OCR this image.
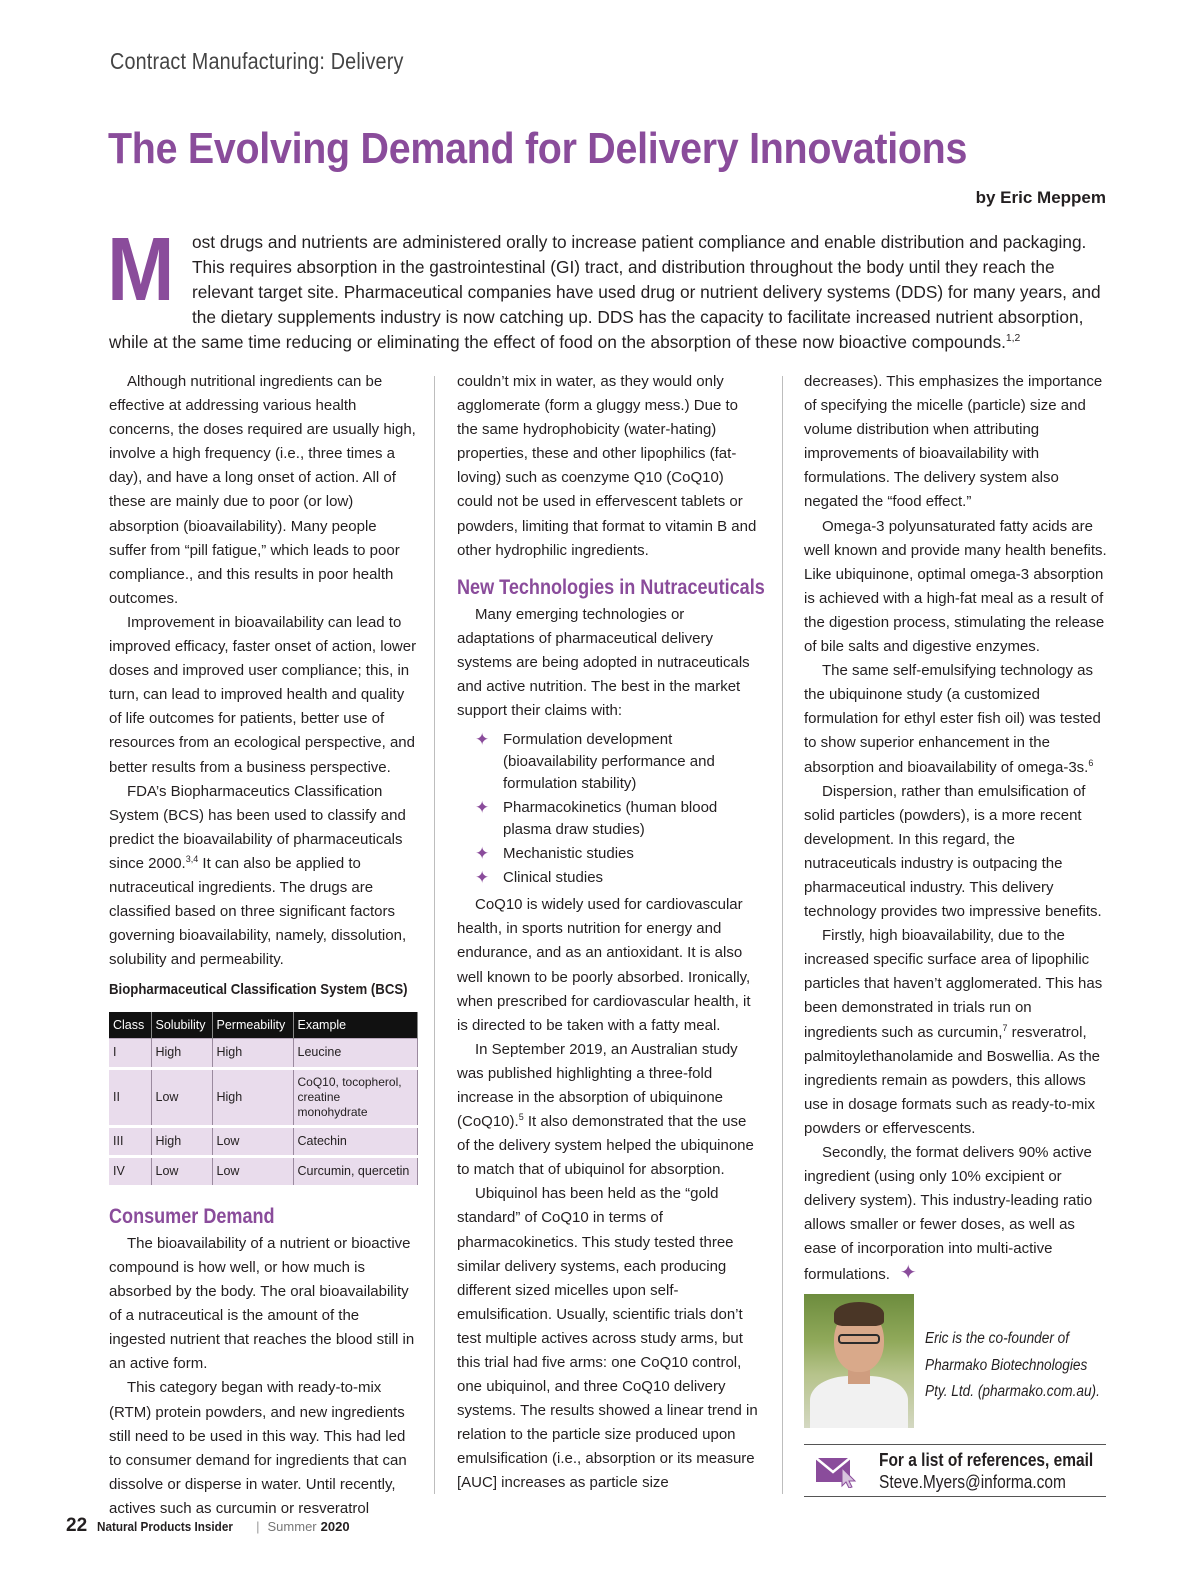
Contract Manufacturing: Delivery
The Evolving Demand for Delivery Innovations
by Eric Meppem
M ost drugs and nutrients are administered orally to increase patient compliance and enable distribution and packaging. This requires absorption in the gastrointestinal (GI) tract, and distribution throughout the body until they reach the relevant target site. Pharmaceutical companies have used drug or nutrient delivery systems (DDS) for many years, and the dietary supplements industry is now catching up. DDS has the capacity to facilitate increased nutrient absorption, while at the same time reducing or eliminating the effect of food on the absorption of these now bioactive compounds.$^{1,2}$

Although nutritional ingredients can be effective at addressing various health concerns, the doses required are usually high, involve a high frequency (i.e., three times a day), and have a long onset of action. All of these are mainly due to poor (or low) absorption (bioavailability). Many people suffer from “pill fatigue,” which leads to poor compliance., and this results in poor health outcomes.

Improvement in bioavailability can lead to improved efficacy, faster onset of action, lower doses and improved user compliance; this, in turn, can lead to improved health and quality of life outcomes for patients, better use of resources from an ecological perspective, and better results from a business perspective.

FDA’s Biopharmaceutics Classification System (BCS) has been used to classify and predict the bioavailability of pharmaceuticals since 2000.$^{3,4}$ It can also be applied to nutraceutical ingredients. The drugs are classified based on three significant factors governing bioavailability, namely, dissolution, solubility and permeability.

Biopharmaceutical Classification System (BCS)
Class	Solubility	Permeability	Example
I	High	High	Leucine
II	Low	High	CoQ10, tocopherol, creatine monohydrate
III	High	Low	Catechin
IV	Low	Low	Curcumin, quercetin
Consumer Demand

The bioavailability of a nutrient or bioactive compound is how well, or how much is absorbed by the body. The oral bioavailability of a nutraceutical is the amount of the ingested nutrient that reaches the blood still in an active form.

This category began with ready-to-mix (RTM) protein powders, and new ingredients still need to be used in this way. This had led to consumer demand for ingredients that can dissolve or disperse in water. Until recently, actives such as curcumin or resveratrol

couldn’t mix in water, as they would only agglomerate (form a gluggy mess.) Due to the same hydrophobicity (water-hating) properties, these and other lipophilics (fat-loving) such as coenzyme Q10 (CoQ10) could not be used in effervescent tablets or powders, limiting that format to vitamin B and other hydrophilic ingredients.

New Technologies in Nutraceuticals

Many emerging technologies or adaptations of pharmaceutical delivery systems are being adopted in nutraceuticals and active nutrition. The best in the market support their claims with:

✦ Formulation development (bioavailability performance and formulation stability)
✦ Pharmacokinetics (human blood plasma draw studies)
✦ Mechanistic studies
✦ Clinical studies

CoQ10 is widely used for cardiovascular health, in sports nutrition for energy and endurance, and as an antioxidant. It is also well known to be poorly absorbed. Ironically, when prescribed for cardiovascular health, it is directed to be taken with a fatty meal.

In September 2019, an Australian study was published highlighting a three-fold increase in the absorption of ubiquinone (CoQ10).$^5$ It also demonstrated that the use of the delivery system helped the ubiquinone to match that of ubiquinol for absorption.

Ubiquinol has been held as the “gold standard” of CoQ10 in terms of pharmacokinetics. This study tested three similar delivery systems, each producing different sized micelles upon self-emulsification. Usually, scientific trials don’t test multiple actives across study arms, but this trial had five arms: one CoQ10 control, one ubiquinol, and three CoQ10 delivery systems. The results showed a linear trend in relation to the particle size produced upon emulsification (i.e., absorption or its measure [AUC] increases as particle size

decreases). This emphasizes the importance of specifying the micelle (particle) size and volume distribution when attributing improvements of bioavailability with formulations. The delivery system also negated the “food effect.”

Omega-3 polyunsaturated fatty acids are well known and provide many health benefits. Like ubiquinone, optimal omega-3 absorption is achieved with a high-fat meal as a result of the digestion process, stimulating the release of bile salts and digestive enzymes.

The same self-emulsifying technology as the ubiquinone study (a customized formulation for ethyl ester fish oil) was tested to show superior enhancement in the absorption and bioavailability of omega-3s.$^6$

Dispersion, rather than emulsification of solid particles (powders), is a more recent development. In this regard, the nutraceuticals industry is outpacing the pharmaceutical industry. This delivery technology provides two impressive benefits.

Firstly, high bioavailability, due to the increased specific surface area of lipophilic particles that haven’t agglomerated. This has been demonstrated in trials run on ingredients such as curcumin,$^7$ resveratrol, palmitoylethanolamide and Boswellia. As the ingredients remain as powders, this allows use in dosage formats such as ready-to-mix powders or effervescents.

Secondly, the format delivers 90% active ingredient (using only 10% excipient or delivery system). This industry-leading ratio allows smaller or fewer doses, as well as ease of incorporation into multi-active formulations. ✦

Eric is the co-founder of
Pharmako Biotechnologies
Pty. Ltd. (pharmako.com.au).
For a list of references, email
Steve.Myers@informa.com
22 Natural Products Insider | Summer 2020
